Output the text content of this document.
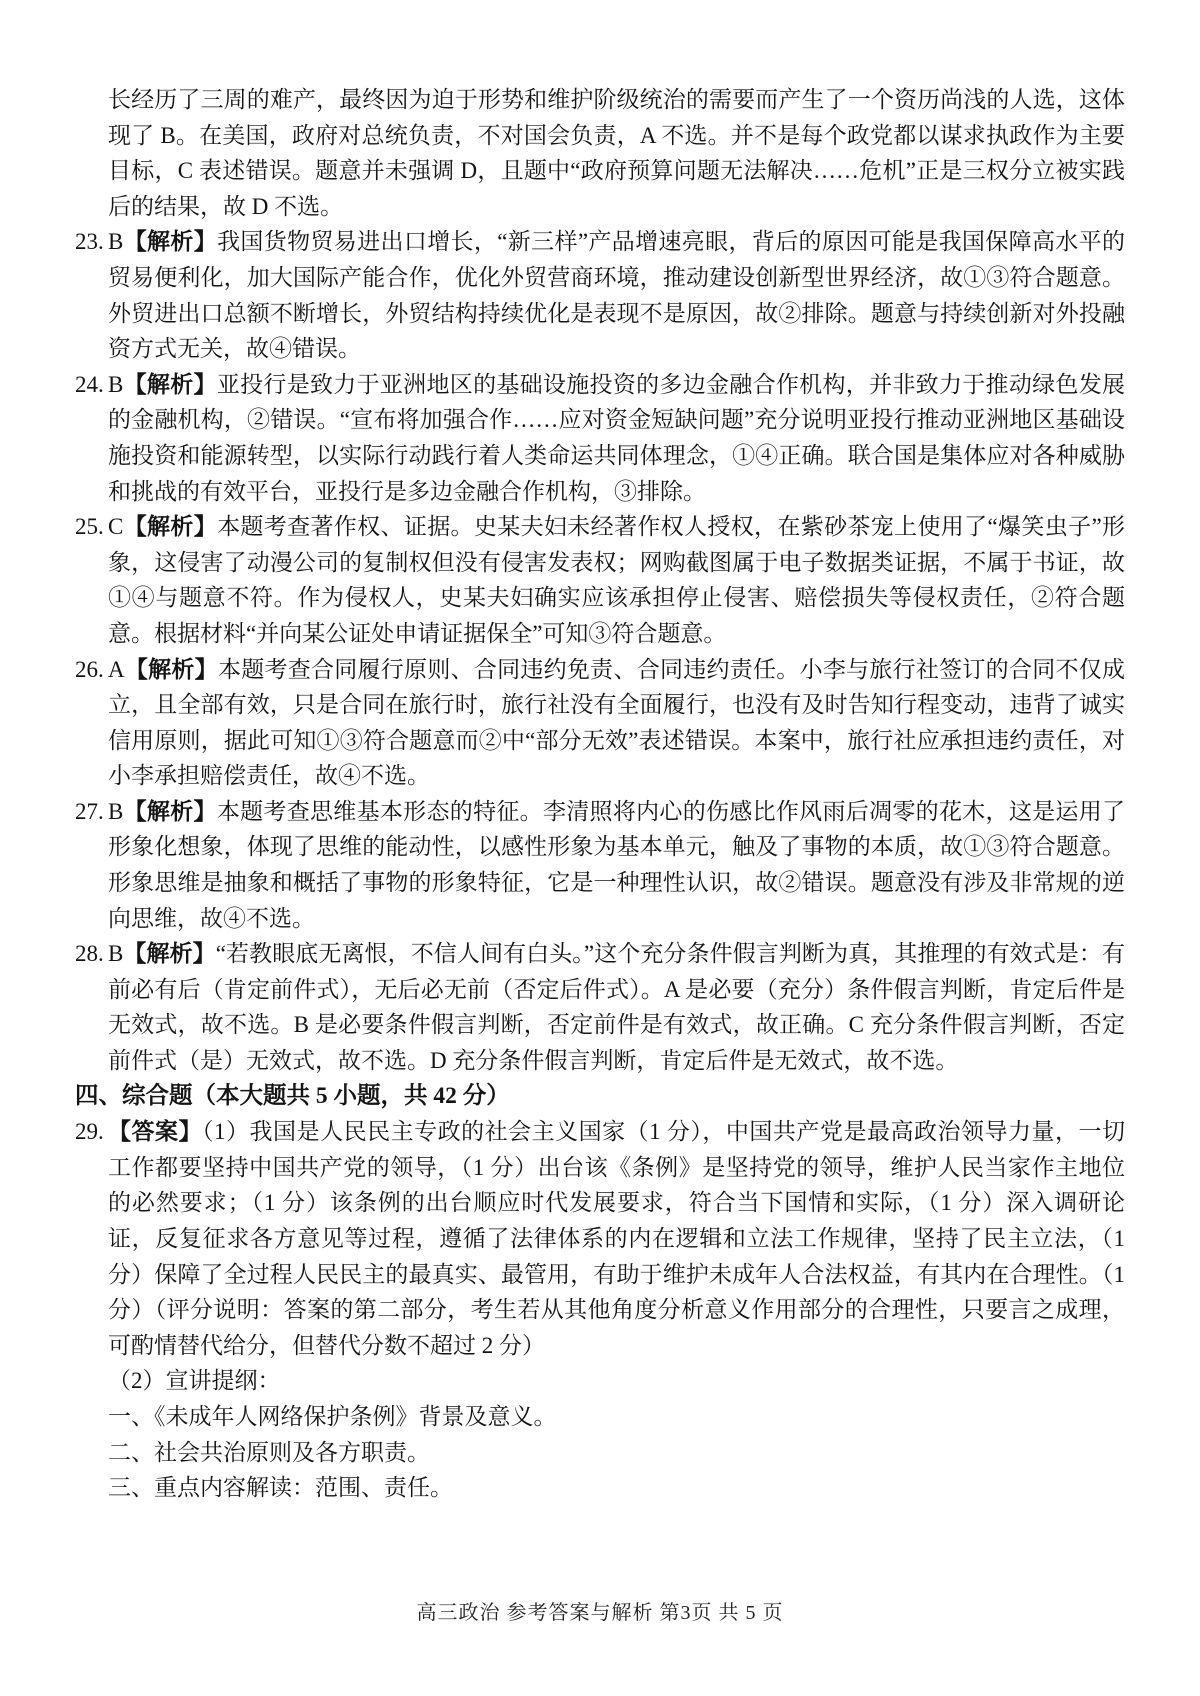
长经历了三周的难产，最终因为迫于形势和维护阶级统治的需要而产生了一个资历尚浅的人选，这体现了 B。在美国，政府对总统负责，不对国会负责，A 不选。并不是每个政党都以谋求执政作为主要目标，C 表述错误。题意并未强调 D，且题中“政府预算问题无法解决……危机”正是三权分立被实践后的结果，故 D 不选。

23. B【解析】我国货物贸易进出口增长，“新三样”产品增速亮眼，背后的原因可能是我国保障高水平的贸易便利化，加大国际产能合作，优化外贸营商环境，推动建设创新型世界经济，故①③符合题意。外贸进出口总额不断增长，外贸结构持续优化是表现不是原因，故②排除。题意与持续创新对外投融资方式无关，故④错误。
24. B【解析】亚投行是致力于亚洲地区的基础设施投资的多边金融合作机构，并非致力于推动绿色发展的金融机构，②错误。“宣布将加强合作……应对资金短缺问题”充分说明亚投行推动亚洲地区基础设施投资和能源转型，以实际行动践行着人类命运共同体理念，①④正确。联合国是集体应对各种威胁和挑战的有效平台，亚投行是多边金融合作机构，③排除。
25. C【解析】本题考查著作权、证据。史某夫妇未经著作权人授权，在紫砂茶宠上使用了“爆笑虫子”形象，这侵害了动漫公司的复制权但没有侵害发表权；网购截图属于电子数据类证据，不属于书证，故①④与题意不符。作为侵权人，史某夫妇确实应该承担停止侵害、赔偿损失等侵权责任，②符合题意。根据材料“并向某公证处申请证据保全”可知③符合题意。
26. A【解析】本题考查合同履行原则、合同违约免责、合同违约责任。小李与旅行社签订的合同不仅成立，且全部有效，只是合同在旅行时，旅行社没有全面履行，也没有及时告知行程变动，违背了诚实信用原则，据此可知①③符合题意而②中“部分无效”表述错误。本案中，旅行社应承担违约责任，对小李承担赔偿责任，故④不选。
27. B【解析】本题考查思维基本形态的特征。李清照将内心的伤感比作风雨后凋零的花木，这是运用了形象化想象，体现了思维的能动性，以感性形象为基本单元，触及了事物的本质，故①③符合题意。形象思维是抽象和概括了事物的形象特征，它是一种理性认识，故②错误。题意没有涉及非常规的逆向思维，故④不选。
28. B【解析】“若教眼底无离恨，不信人间有白头。”这个充分条件假言判断为真，其推理的有效式是：有前必有后（肯定前件式），无后必无前（否定后件式）。A 是必要（充分）条件假言判断，肯定后件是无效式，故不选。B 是必要条件假言判断，否定前件是有效式，故正确。C 充分条件假言判断，否定前件式（是）无效式，故不选。D 充分条件假言判断，肯定后件是无效式，故不选。
四、综合题（本大题共 5 小题，共 42 分）
29. 【答案】（1）我国是人民民主专政的社会主义国家（1 分），中国共产党是最高政治领导力量，一切工作都要坚持中国共产党的领导，（1 分）出台该《条例》是坚持党的领导，维护人民当家作主地位的必然要求；（1 分）该条例的出台顺应时代发展要求，符合当下国情和实际，（1 分）深入调研论证，反复征求各方意见等过程，遵循了法律体系的内在逻辑和立法工作规律，坚持了民主立法，（1 分）保障了全过程人民民主的最真实、最管用，有助于维护未成年人合法权益，有其内在合理性。（1 分）（评分说明：答案的第二部分，考生若从其他角度分析意义作用部分的合理性，只要言之成理，可酌情替代给分，但替代分数不超过 2 分）

（2）宣讲提纲：

一、《未成年人网络保护条例》背景及意义。

二、社会共治原则及各方职责。

三、重点内容解读：范围、责任。

高三政治 参考答案与解析 第3页 共 5 页
